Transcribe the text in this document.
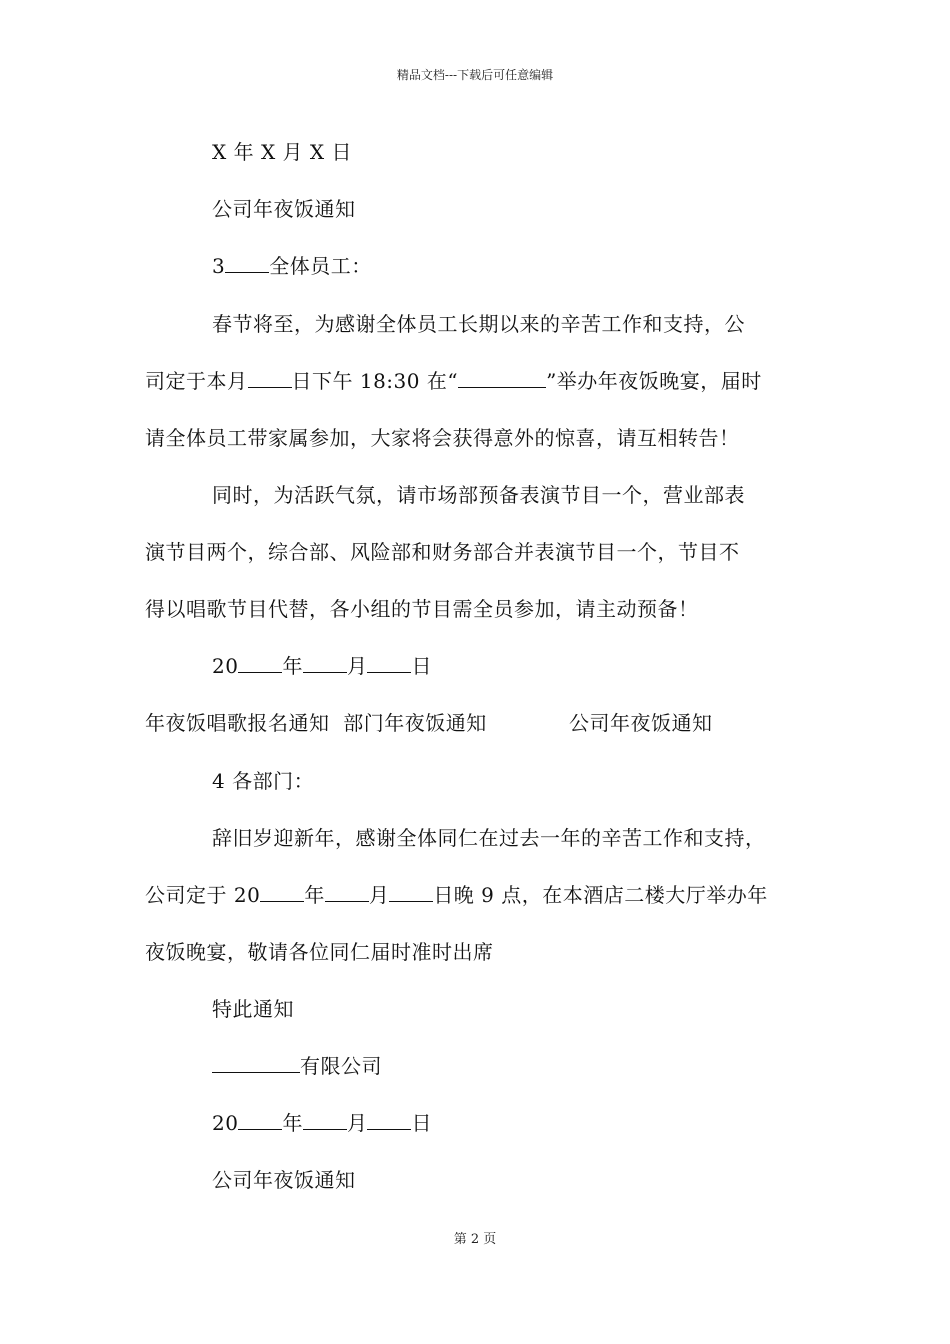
精品文档---下载后可任意编辑
X 年 X 月 X 日
公司年夜饭通知
3 全体员工：
春节将至，为感谢全体员工长期以来的辛苦工作和支持，公
司定于本月 日下午 18:30 在“	”举办年夜饭晚宴，届时
请全体员工带家属参加，大家将会获得意外的惊喜，请互相转告！
同时，为活跃气氛，请市场部预备表演节目一个，营业部表
演节目两个，综合部、风险部和财务部合并表演节目一个，节目不
得以唱歌节目代替，各小组的节目需全员参加，请主动预备！
20 年 月 日
年夜饭唱歌报名通知  部门年夜饭通知            公司年夜饭通知
4 各部门：
辞旧岁迎新年，感谢全体同仁在过去一年的辛苦工作和支持，
公司定于 20 年 月 日晚 9 点，在本酒店二楼大厅举办年
夜饭晚宴，敬请各位同仁届时准时出席
特此通知
有限公司
20 年 月 日
公司年夜饭通知
第 2 页
